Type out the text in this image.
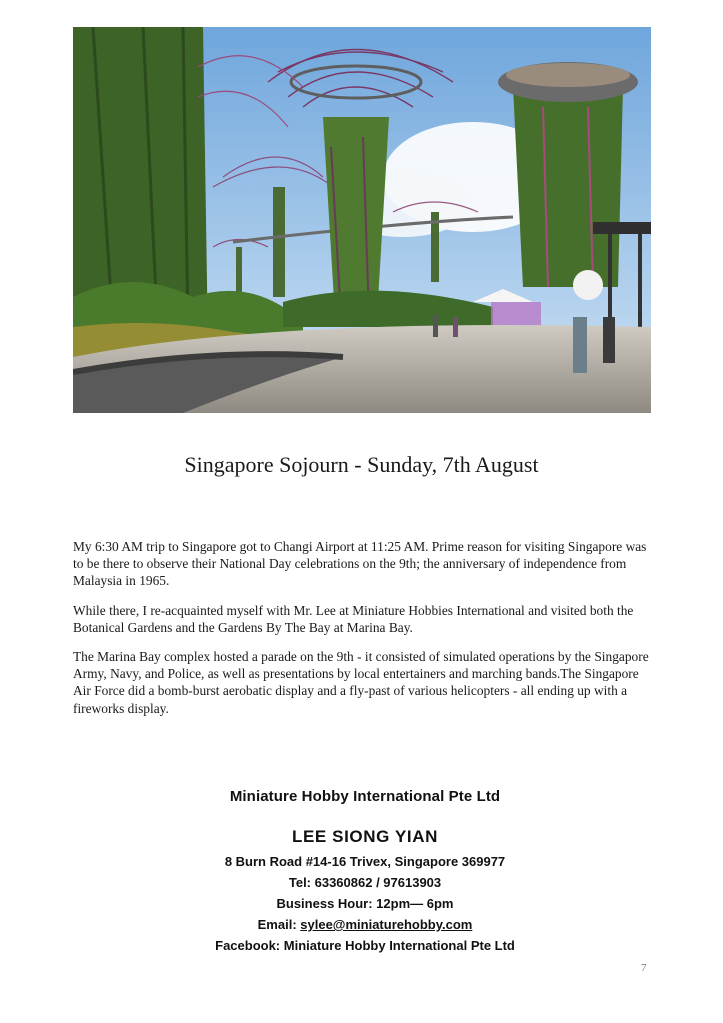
Singapore Sojourn - Sunday, 7th August

My 6:30 AM trip to Singapore got to Changi Airport at 11:25 AM. Prime reason for visiting Singapore was to be there to observe their National Day celebrations on the 9th; the anniversary of independence from Malaysia in 1965.

While there, I re-acquainted myself with Mr. Lee at Miniature Hobbies International and visited both the Botanical Gardens and the Gardens By The Bay at Marina Bay.

The Marina Bay complex hosted a parade on the 9th - it consisted of simulated operations by the Singapore Army, Navy, and Police, as well as presentations by local entertainers and marching bands.The Singapore Air Force did a bomb-burst aerobatic display and a fly-past of various helicopters - all ending up with a fireworks display.

Miniature Hobby International Pte Ltd
LEE SIONG YIAN
8 Burn Road #14-16 Trivex, Singapore 369977
Tel: 63360862 / 97613903
Business Hour: 12pm— 6pm
Email: sylee@miniaturehobby.com
Facebook: Miniature Hobby International Pte Ltd
7
